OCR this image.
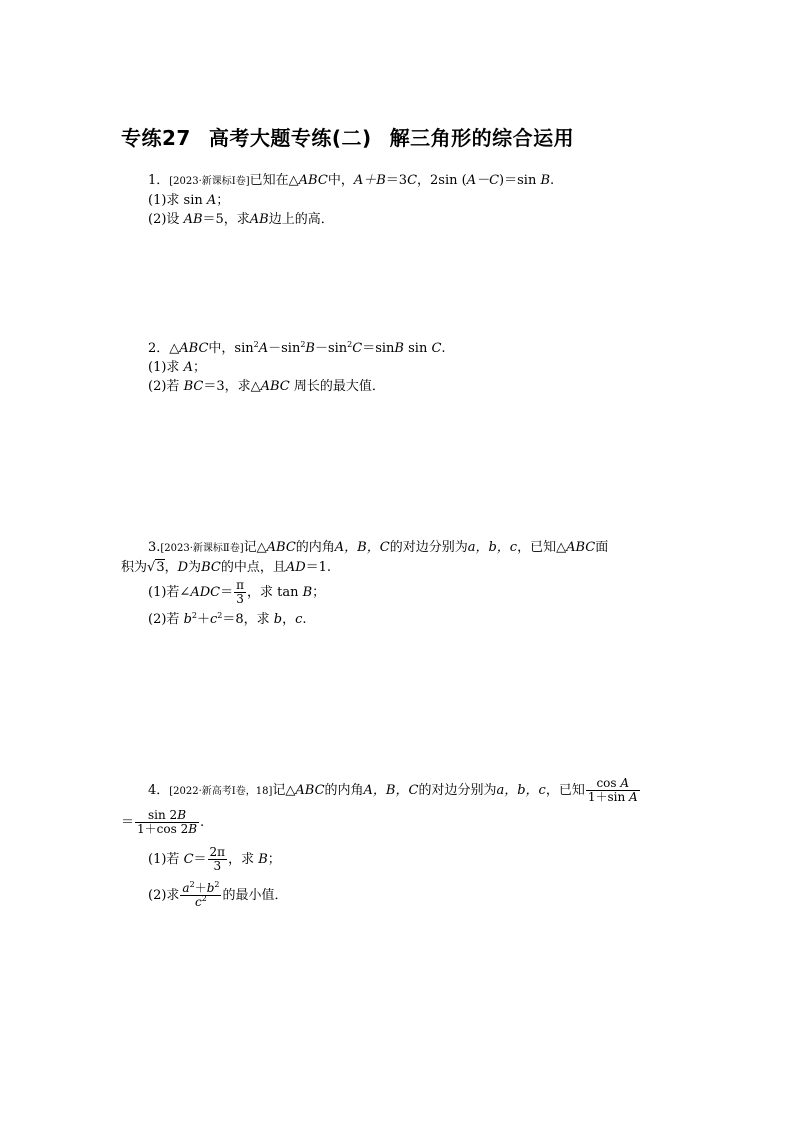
专练27 高考大题专练(二) 解三角形的综合运用
1．[2023·新课标Ⅰ卷]已知在△ABC中，A＋B＝3C，2sin (A－C)＝sin B.
(1)求 sin A；
(2)设 AB＝5，求AB边上的高．
2．△ABC中，$\sin^2A-\sin^2B-\sin^2C=\sin B$ sin C.
(1)求 A；
(2)若 BC＝3，求△ABC 周长的最大值．
3.[2023·新课标Ⅱ卷]记△ABC的内角A，B，C的对边分别为a，b，c，已知△ABC面
积为√3，D为BC的中点，且AD＝1.
(1)若∠ADC＝ $\frac{\pi}{3}$ ，求 tan B；
(2)若 $b^2+c^2=8$，求 b，c.
4．[2022·新高考Ⅰ卷，18]记△ABC的内角A，B，C的对边分别为a，b，c，已知 $\frac{\text{cos A}}{\text{1＋sin A}}$
＝ $\frac{\sin 2B}{1+\cos 2B}$ .
(1)若 $C= \frac{2\pi}{3}$ ，求 B；
(2)求 $\frac{a^2+b^2}{c^2}$ 的最小值．
